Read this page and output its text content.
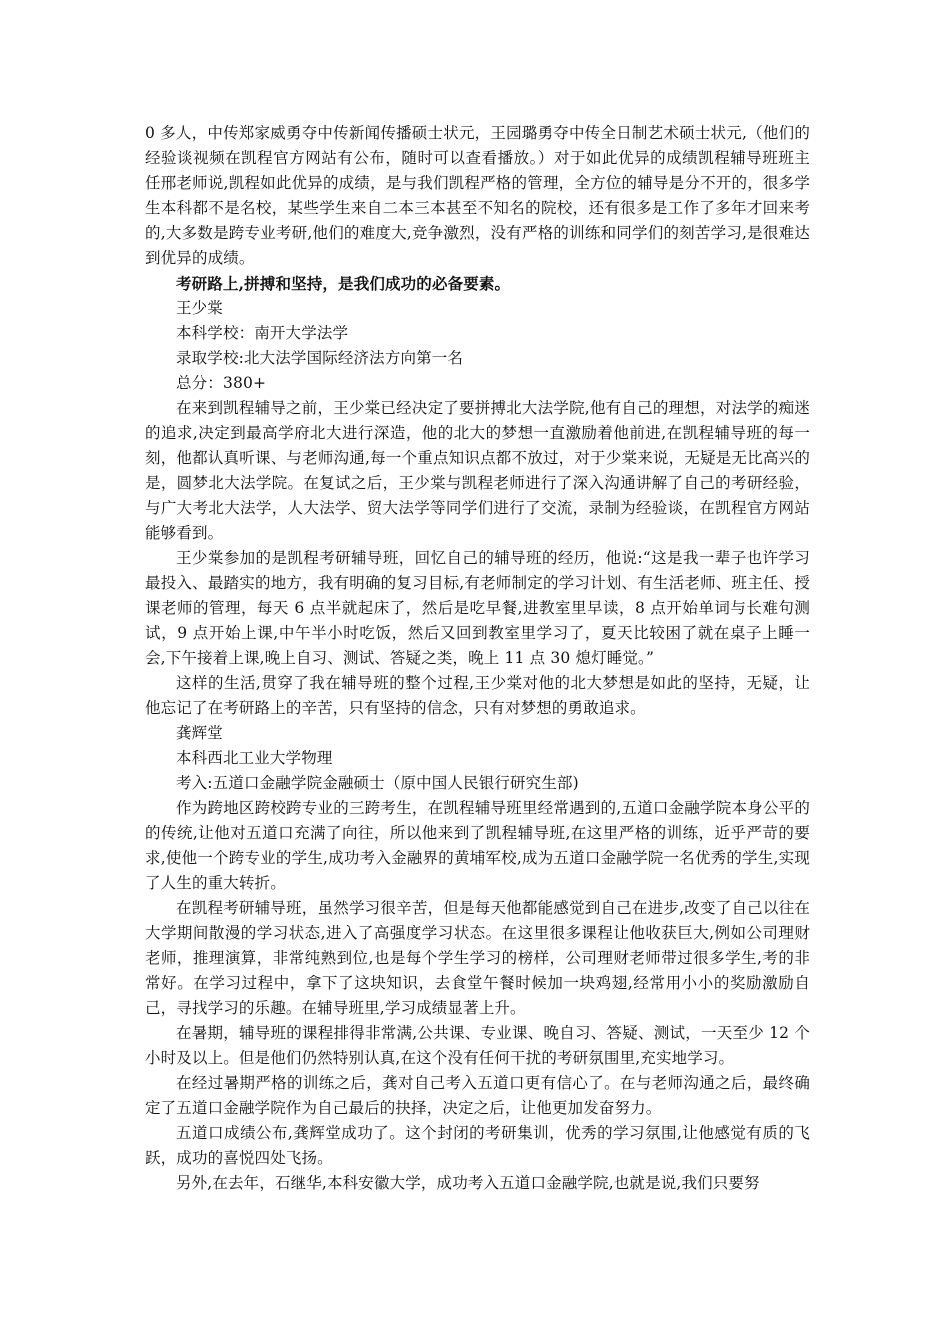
0 多人，中传郑家威勇夺中传新闻传播硕士状元，王园璐勇夺中传全日制艺术硕士状元,（他们的经验谈视频在凯程官方网站有公布，随时可以查看播放。）对于如此优异的成绩凯程辅导班班主任邢老师说,凯程如此优异的成绩，是与我们凯程严格的管理，全方位的辅导是分不开的，很多学生本科都不是名校，某些学生来自二本三本甚至不知名的院校，还有很多是工作了多年才回来考的,大多数是跨专业考研,他们的难度大,竞争激烈，没有严格的训练和同学们的刻苦学习,是很难达到优异的成绩。

考研路上,拼搏和坚持，是我们成功的必备要素。

王少棠

本科学校：南开大学法学

录取学校:北大法学国际经济法方向第一名

总分：380+

在来到凯程辅导之前，王少棠已经决定了要拼搏北大法学院,他有自己的理想，对法学的痴迷的追求,决定到最高学府北大进行深造，他的北大的梦想一直激励着他前进,在凯程辅导班的每一刻，他都认真听课、与老师沟通,每一个重点知识点都不放过，对于少棠来说，无疑是无比高兴的是，圆梦北大法学院。在复试之后，王少棠与凯程老师进行了深入沟通讲解了自己的考研经验，与广大考北大法学，人大法学、贸大法学等同学们进行了交流，录制为经验谈，在凯程官方网站能够看到。

王少棠参加的是凯程考研辅导班，回忆自己的辅导班的经历，他说:“这是我一辈子也许学习最投入、最踏实的地方，我有明确的复习目标,有老师制定的学习计划、有生活老师、班主任、授课老师的管理，每天 6 点半就起床了，然后是吃早餐,进教室里早读，8 点开始单词与长难句测试，9 点开始上课,中午半小时吃饭，然后又回到教室里学习了，夏天比较困了就在桌子上睡一会,下午接着上课,晚上自习、测试、答疑之类，晚上 11 点 30 熄灯睡觉。”

这样的生活,贯穿了我在辅导班的整个过程,王少棠对他的北大梦想是如此的坚持，无疑，让他忘记了在考研路上的辛苦，只有坚持的信念，只有对梦想的勇敢追求。

龚辉堂

本科西北工业大学物理

考入:五道口金融学院金融硕士（原中国人民银行研究生部)

作为跨地区跨校跨专业的三跨考生，在凯程辅导班里经常遇到的,五道口金融学院本身公平的的传统,让他对五道口充满了向往，所以他来到了凯程辅导班,在这里严格的训练，近乎严苛的要求,使他一个跨专业的学生,成功考入金融界的黄埔军校,成为五道口金融学院一名优秀的学生,实现了人生的重大转折。

在凯程考研辅导班，虽然学习很辛苦，但是每天他都能感觉到自己在进步,改变了自己以往在大学期间散漫的学习状态,进入了高强度学习状态。在这里很多课程让他收获巨大,例如公司理财老师，推理演算，非常纯熟到位,也是每个学生学习的榜样，公司理财老师带过很多学生,考的非常好。在学习过程中，拿下了这块知识，去食堂午餐时候加一块鸡翅,经常用小小的奖励激励自己，寻找学习的乐趣。在辅导班里,学习成绩显著上升。

在暑期，辅导班的课程排得非常满,公共课、专业课、晚自习、答疑、测试，一天至少 12 个小时及以上。但是他们仍然特别认真,在这个没有任何干扰的考研氛围里,充实地学习。

在经过暑期严格的训练之后，龚对自己考入五道口更有信心了。在与老师沟通之后，最终确定了五道口金融学院作为自己最后的抉择，决定之后，让他更加发奋努力。

五道口成绩公布,龚辉堂成功了。这个封闭的考研集训，优秀的学习氛围,让他感觉有质的飞跃，成功的喜悦四处飞扬。

另外,在去年，石继华,本科安徽大学，成功考入五道口金融学院,也就是说,我们只要努
